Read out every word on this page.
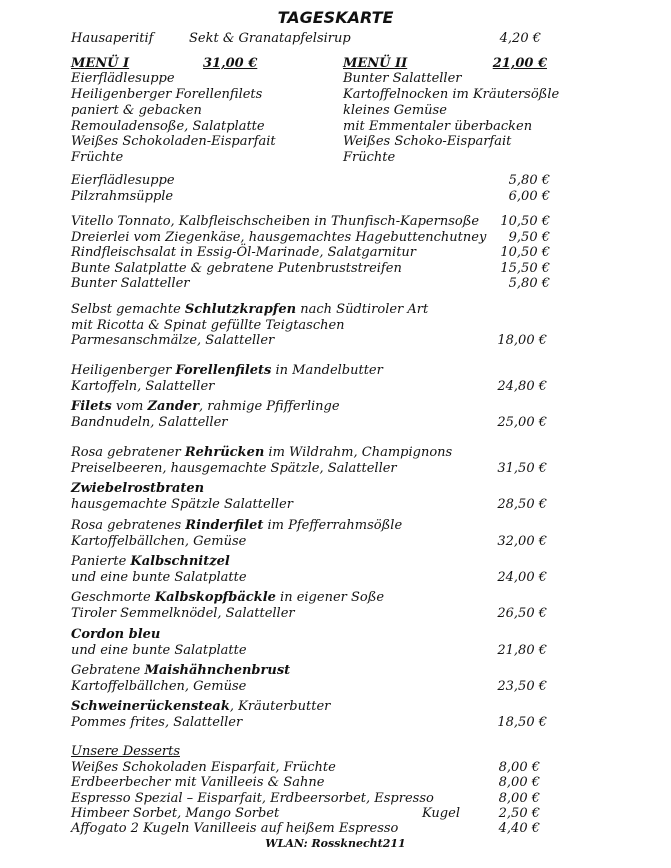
TAGESKARTE
Hausaperitif	Sekt & Granatapfelsirup	4,20 €
MENÜ I	31,00 €
Eierflädlesuppe
Heiligenberger Forellenfilets
paniert & gebacken
Remouladensoße, Salatplatte
Weißes Schokoladen-Eisparfait
Früchte
MENÜ II	21,00 €
Bunter Salatteller
Kartoffelnocken im Kräutersößle
kleines Gemüse
mit Emmentaler überbacken
Weißes Schoko-Eisparfait
Früchte
Eierflädlesuppe	5,80 €
Pilzrahmsüpple	6,00 €
Vitello Tonnato, Kalbfleischscheiben in Thunfisch-Kapernsoße	10,50 €
Dreierlei vom Ziegenkäse, hausgemachtes Hagebuttenchutney	9,50 €
Rindfleischsalat in Essig-Öl-Marinade, Salatgarnitur	10,50 €
Bunte Salatplatte & gebratene Putenbruststreifen	15,50 €
Bunter Salatteller	5,80 €
Selbst gemachte Schlutzkrapfen nach Südtiroler Art
mit Ricotta & Spinat gefüllte Teigtaschen
Parmesanschmälze, Salatteller	18,00 €
Heiligenberger Forellenfilets in Mandelbutter
Kartoffeln, Salatteller	24,80 €
Filets vom Zander, rahmige Pfifferlinge
Bandnudeln, Salatteller	25,00 €
Rosa gebratener Rehrücken im Wildrahm, Champignons
Preiselbeeren, hausgemachte Spätzle, Salatteller	31,50 €
Zwiebelrostbraten
hausgemachte Spätzle Salatteller	28,50 €
Rosa gebratenes Rinderfilet im Pfefferrahmsößle
Kartoffelbällchen, Gemüse	32,00 €
Panierte Kalbschnitzel
und eine bunte Salatplatte	24,00 €
Geschmorte Kalbskopfbäckle in eigener Soße
Tiroler Semmelknödel, Salatteller	26,50 €
Cordon bleu
und eine bunte Salatplatte	21,80 €
Gebratene Maishähnchenbrust
Kartoffelbällchen, Gemüse	23,50 €
Schweinerückensteak, Kräuterbutter
Pommes frites, Salatteller	18,50 €
Unsere Desserts
Weißes Schokoladen Eisparfait, Früchte	8,00 €
Erdbeerbecher mit Vanilleeis & Sahne	8,00 €
Espresso Spezial – Eisparfait, Erdbeersorbet, Espresso	8,00 €
Himbeer Sorbet, Mango Sorbet	Kugel	2,50 €
Affogato 2 Kugeln Vanilleeis auf heißem Espresso	4,40 €
WLAN: Rossknecht211
